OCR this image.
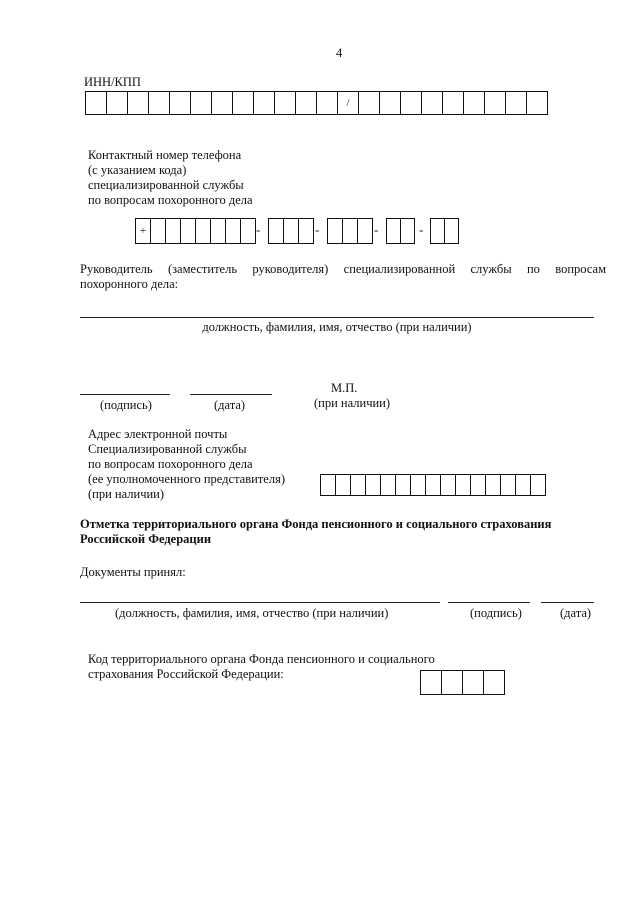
4
ИНН/КПП
/
Контактный номер телефона
(с указанием кода)
специализированной службы
по вопросам похоронного дела
+	-	-	-	-
Руководитель (заместитель руководителя) специализированной службы по вопросам
похоронного дела:
должность, фамилия, имя, отчество (при наличии)
(подпись)	(дата)
М.П.
(при наличии)
Адрес электронной почты
Специализированной службы
по вопросам похоронного дела
(ее уполномоченного представителя)
(при наличии)
Отметка территориального органа Фонда пенсионного и социального страхования
Российской Федерации
Документы принял:
(должность, фамилия, имя, отчество (при наличии)	(подпись)	(дата)
Код территориального органа Фонда пенсионного и социального
страхования Российской Федерации:
